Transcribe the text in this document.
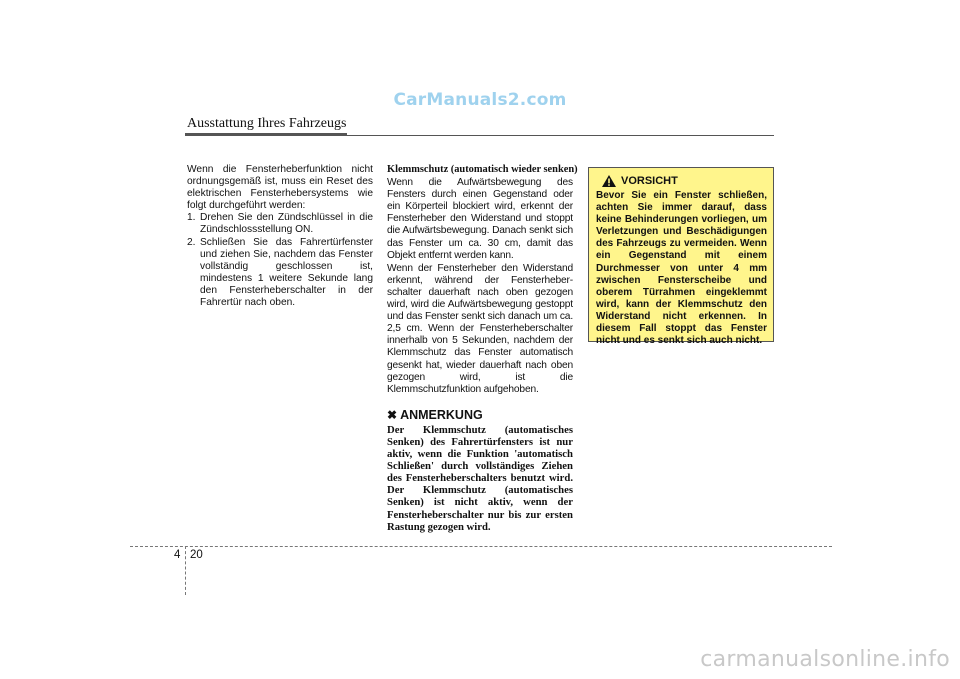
CarManuals2.com
Ausstattung Ihres Fahrzeugs

Wenn die Fensterheberfunktion nicht ordnungsgemäß ist, muss ein Reset des elektrischen Fensterhebersystems wie folgt durchgeführt werden:

1. Drehen Sie den Zündschlüssel in die Zündschlossstellung ON.
2. Schließen Sie das Fahrertürfenster und ziehen Sie, nachdem das Fenster vollständig geschlossen ist, mindestens 1 weitere Sekunde lang den Fensterheberschalter in der Fahrertür nach oben.
Klemmschutz (automatisch wieder senken)

Wenn die Aufwärtsbewegung des Fensters durch einen Gegenstand oder ein Körperteil blockiert wird, erkennt der Fensterheber den Widerstand und stoppt die Aufwärtsbewegung. Danach senkt sich das Fenster um ca. 30 cm, damit das Objekt entfernt werden kann.

Wenn der Fensterheber den Widerstand erkennt, während der Fensterheber-schalter dauerhaft nach oben gezogen wird, wird die Aufwärtsbewegung gestoppt und das Fenster senkt sich danach um ca. 2,5 cm. Wenn der Fensterheberschalter innerhalb von 5 Sekunden, nachdem der Klemmschutz das Fenster automatisch gesenkt hat, wieder dauerhaft nach oben gezogen wird, ist die Klemmschutzfunktion aufgehoben.

✖ ANMERKUNG
Der Klemmschutz (automatisches Senken) des Fahrertürfensters ist nur aktiv, wenn die Funktion 'automatisch Schließen' durch vollständiges Ziehen des Fensterheberschalters benutzt wird. Der Klemmschutz (automatisches Senken) ist nicht aktiv, wenn der Fensterheberschalter nur bis zur ersten Rastung gezogen wird.
VORSICHT
Bevor Sie ein Fenster schließen, achten Sie immer darauf, dass keine Behinderungen vorliegen, um Verletzungen und Beschädigungen des Fahrzeugs zu vermeiden. Wenn ein Gegenstand mit einem Durchmesser von unter 4 mm zwischen Fensterscheibe und oberem Türrahmen eingeklemmt wird, kann der Klemmschutz den Widerstand nicht erkennen. In diesem Fall stoppt das Fenster nicht und es senkt sich auch nicht.
4 20
carmanualsonline.info
